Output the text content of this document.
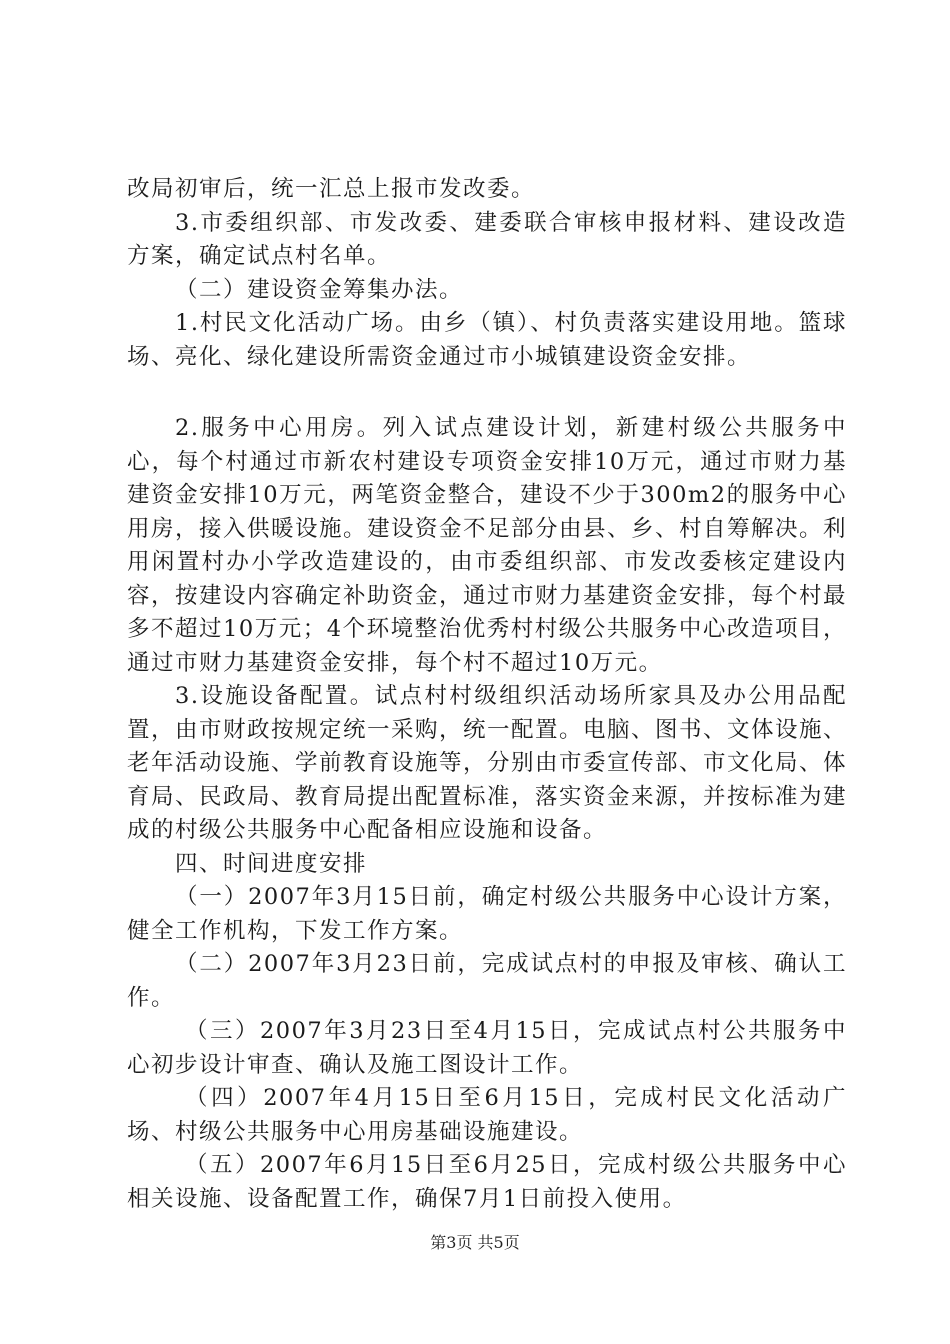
改局初审后，统一汇总上报市发改委。

3.市委组织部、市发改委、建委联合审核申报材料、建设改造方案，确定试点村名单。

（二）建设资金筹集办法。

1.村民文化活动广场。由乡（镇）、村负责落实建设用地。篮球场、亮化、绿化建设所需资金通过市小城镇建设资金安排。

2.服务中心用房。列入试点建设计划，新建村级公共服务中心，每个村通过市新农村建设专项资金安排10万元，通过市财力基建资金安排10万元，两笔资金整合，建设不少于300m2的服务中心用房，接入供暖设施。建设资金不足部分由县、乡、村自筹解决。利用闲置村办小学改造建设的，由市委组织部、市发改委核定建设内容，按建设内容确定补助资金，通过市财力基建资金安排，每个村最多不超过10万元；4个环境整治优秀村村级公共服务中心改造项目，通过市财力基建资金安排，每个村不超过10万元。

3.设施设备配置。试点村村级组织活动场所家具及办公用品配置，由市财政按规定统一采购，统一配置。电脑、图书、文体设施、老年活动设施、学前教育设施等，分别由市委宣传部、市文化局、体育局、民政局、教育局提出配置标准，落实资金来源，并按标准为建成的村级公共服务中心配备相应设施和设备。

四、时间进度安排

（一）2007年3月15日前，确定村级公共服务中心设计方案，健全工作机构，下发工作方案。

（二）2007年3月23日前，完成试点村的申报及审核、确认工作。

（三）2007年3月23日至4月15日，完成试点村公共服务中心初步设计审查、确认及施工图设计工作。

（四）2007年4月15日至6月15日，完成村民文化活动广场、村级公共服务中心用房基础设施建设。

（五）2007年6月15日至6月25日，完成村级公共服务中心相关设施、设备配置工作，确保7月1日前投入使用。

第3页 共5页
